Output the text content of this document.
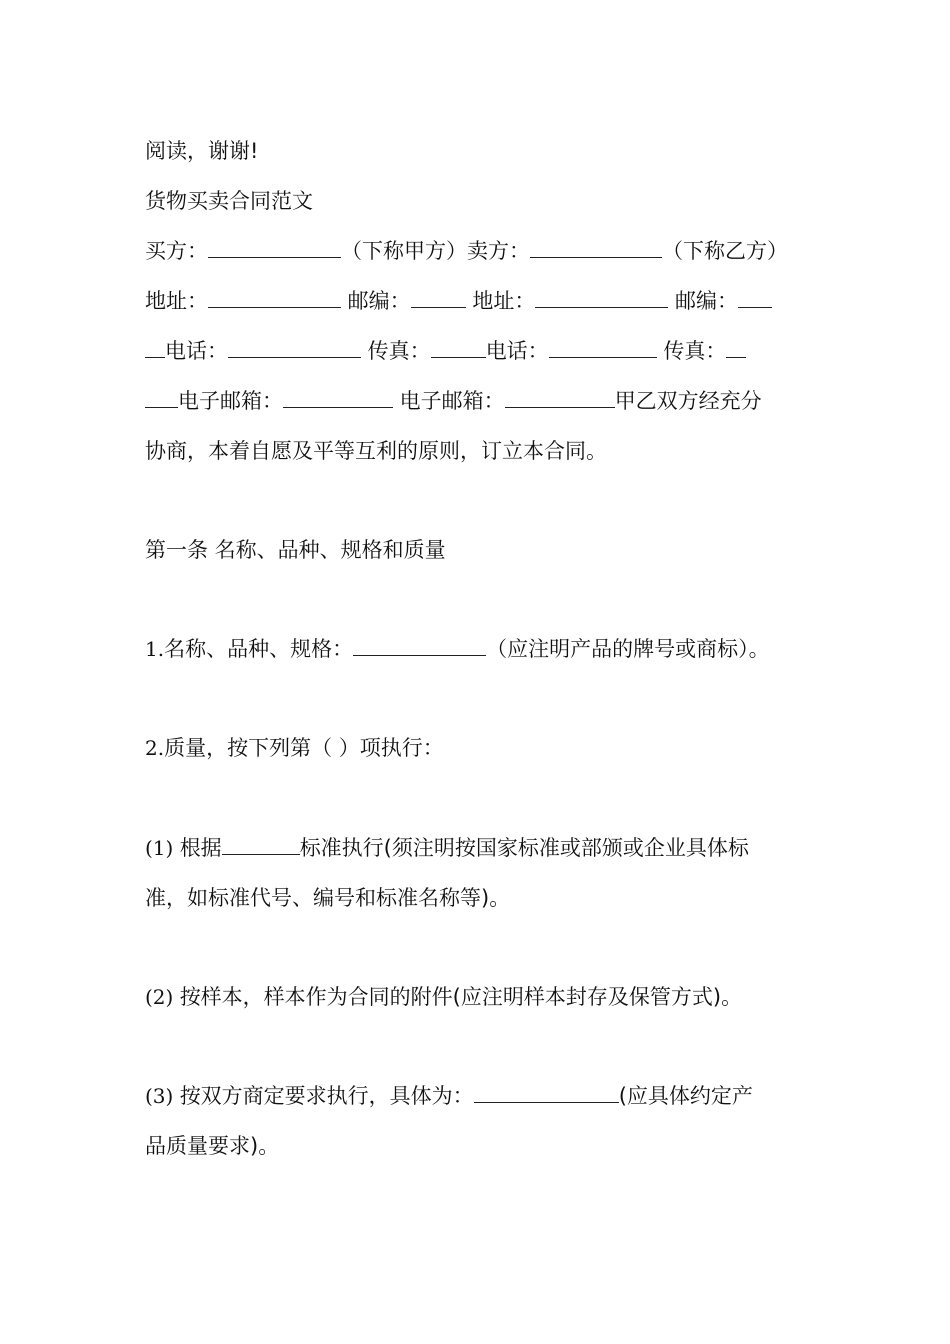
阅读，谢谢!
货物买卖合同范文
买方：	（下称甲方）卖方：	（下称乙方）
地址：	邮编：	地址：	邮编：
电话：	传真：	电话：	传真：
电子邮箱：	电子邮箱：	甲乙双方经充分
协商，本着自愿及平等互利的原则，订立本合同。
第一条 名称、品种、规格和质量
1.名称、品种、规格：	（应注明产品的牌号或商标）。
2.质量，按下列第（ ）项执行：
(1) 根据	标准执行(须注明按国家标准或部颁或企业具体标
准，如标准代号、编号和标准名称等)。
(2) 按样本，样本作为合同的附件(应注明样本封存及保管方式)。
(3) 按双方商定要求执行，具体为：	(应具体约定产
品质量要求)。
